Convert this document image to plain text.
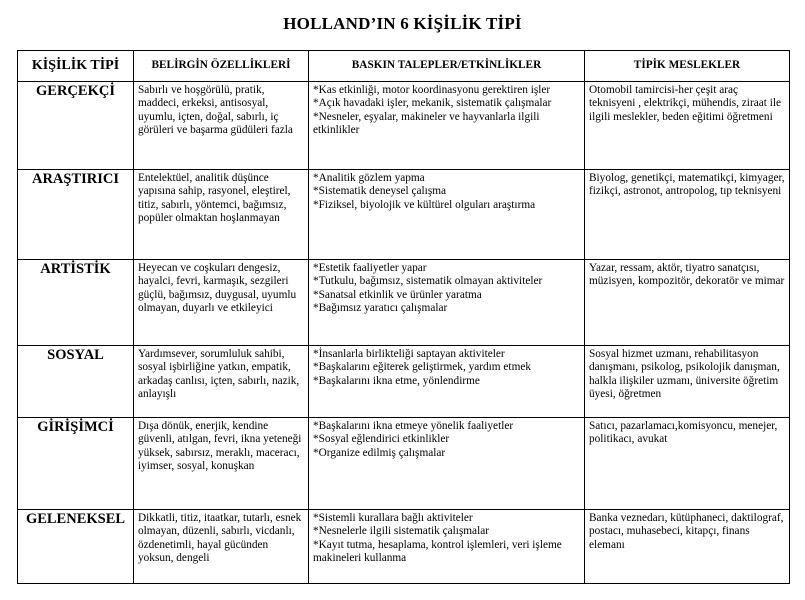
HOLLAND’IN 6 KİŞİLİK TİPİ
KİŞİLİK TİPİ	BELİRGİN ÖZELLİKLERİ	BASKIN TALEPLER/ETKİNLİKLER	TİPİK MESLEKLER
GERÇEKÇİ	Sabırlı ve hoşgörülü, pratik, maddeci, erkeksi, antisosyal, uyumlu, içten, doğal, sabırlı, iç görüleri ve başarma güdüleri fazla	*Kas etkinliği, motor koordinasyonu gerektiren işler
*Açık havadaki işler, mekanik, sistematik çalışmalar
*Nesneler, eşyalar, makineler ve hayvanlarla ilgili etkinlikler	Otomobil tamircisi-her çeşit araç teknisyeni , elektrikçi, mühendis, ziraat ile ilgili meslekler, beden eğitimi öğretmeni
ARAŞTIRICI	Entelektüel, analitik düşünce yapısına sahip, rasyonel, eleştirel, titiz, sabırlı, yöntemci, bağımsız, popüler olmaktan hoşlanmayan	*Analitik gözlem yapma
*Sistematik deneysel çalışma
*Fiziksel, biyolojik ve kültürel olguları araştırma	Biyolog, genetikçi, matematikçi, kimyager, fizikçi, astronot, antropolog, tıp teknisyeni
ARTİSTİK	Heyecan ve coşkuları dengesiz, hayalci, fevri, karmaşık, sezgileri güçlü, bağımsız, duygusal, uyumlu olmayan, duyarlı ve etkileyici	*Estetik faaliyetler yapar
*Tutkulu, bağımsız, sistematik olmayan aktiviteler
*Sanatsal etkinlik ve ürünler yaratma
*Bağımsız yaratıcı çalışmalar	Yazar, ressam, aktör, tiyatro sanatçısı, müzisyen, kompozitör, dekoratör ve mimar
SOSYAL	Yardımsever, sorumluluk sahibi, sosyal işbirliğine yatkın, empatik, arkadaş canlısı, içten, sabırlı, nazik, anlayışlı	*İnsanlarla birlikteliği saptayan aktiviteler
*Başkalarını eğiterek geliştirmek, yardım etmek
*Başkalarını ikna etme, yönlendirme	Sosyal hizmet uzmanı, rehabilitasyon danışmanı, psikolog, psikolojik danışman, halkla ilişkiler uzmanı, üniversite öğretim üyesi, öğretmen
GİRİŞİMCİ	Dışa dönük, enerjik, kendine güvenli, atılgan, fevri, ikna yeteneği yüksek, sabırsız, meraklı, maceracı, iyimser, sosyal, konuşkan	*Başkalarını ikna etmeye yönelik faaliyetler
*Sosyal eğlendirici etkinlikler
*Organize edilmiş çalışmalar	Satıcı, pazarlamacı,komisyoncu, menejer, politikacı, avukat
GELENEKSEL	Dikkatli, titiz, itaatkar, tutarlı, esnek olmayan, düzenli, sabırlı, vicdanlı, özdenetimli, hayal gücünden yoksun, dengeli	*Sistemli kurallara bağlı aktiviteler
*Nesnelerle ilgili sistematik çalışmalar
*Kayıt tutma, hesaplama, kontrol işlemleri, veri işleme makineleri kullanma	Banka veznedarı, kütüphaneci, daktilograf, postacı, muhasebeci, kitapçı, finans elemanı
